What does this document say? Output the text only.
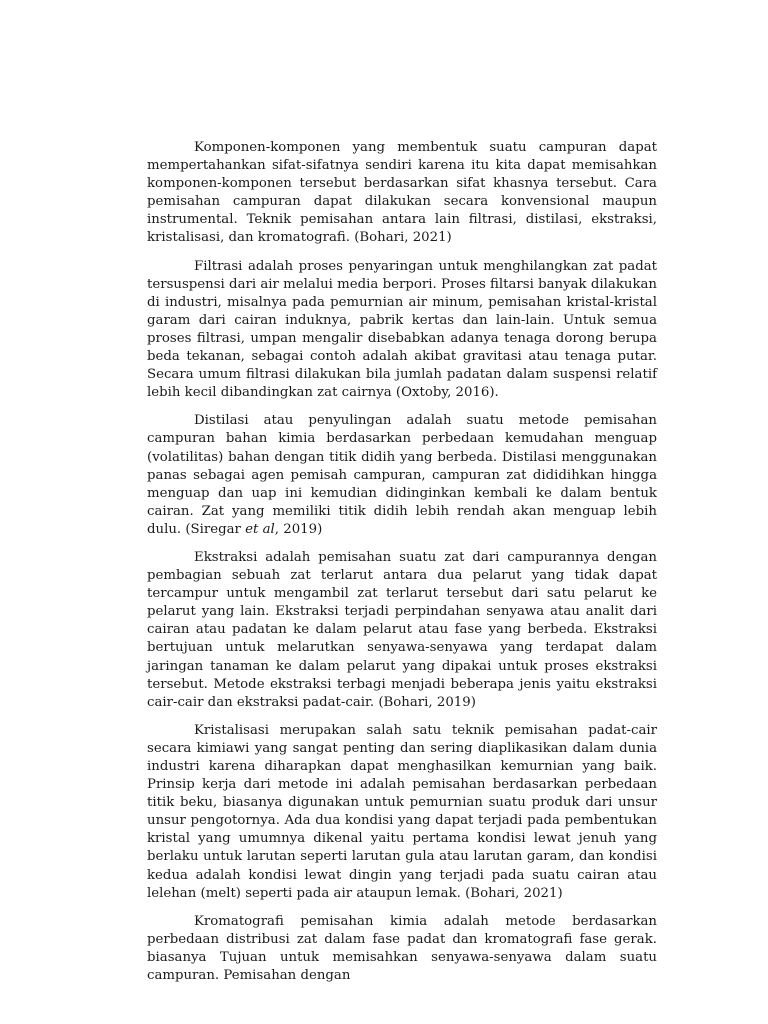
Komponen-komponen yang membentuk suatu campuran dapat mempertahankan sifat-sifatnya sendiri karena itu kita dapat memisahkan komponen-komponen tersebut berdasarkan sifat khasnya tersebut. Cara pemisahan campuran dapat dilakukan secara konvensional maupun instrumental. Teknik pemisahan antara lain filtrasi, distilasi, ekstraksi, kristalisasi, dan kromatografi. (Bohari, 2021)

Filtrasi adalah proses penyaringan untuk menghilangkan zat padat tersuspensi dari air melalui media berpori. Proses filtarsi banyak dilakukan di industri, misalnya pada pemurnian air minum, pemisahan kristal-kristal garam dari cairan induknya, pabrik kertas dan lain-lain. Untuk semua proses filtrasi, umpan mengalir disebabkan adanya tenaga dorong berupa beda tekanan, sebagai contoh adalah akibat gravitasi atau tenaga putar. Secara umum filtrasi dilakukan bila jumlah padatan dalam suspensi relatif lebih kecil dibandingkan zat cairnya (Oxtoby, 2016).

Distilasi atau penyulingan adalah suatu metode pemisahan campuran bahan kimia berdasarkan perbedaan kemudahan menguap (volatilitas) bahan dengan titik didih yang berbeda. Distilasi menggunakan panas sebagai agen pemisah campuran, campuran zat dididihkan hingga menguap dan uap ini kemudian didinginkan kembali ke dalam bentuk cairan. Zat yang memiliki titik didih lebih rendah akan menguap lebih dulu. (Siregar et al, 2019)

Ekstraksi adalah pemisahan suatu zat dari campurannya dengan pembagian sebuah zat terlarut antara dua pelarut yang tidak dapat tercampur untuk mengambil zat terlarut tersebut dari satu pelarut ke pelarut yang lain. Ekstraksi terjadi perpindahan senyawa atau analit dari cairan atau padatan ke dalam pelarut atau fase yang berbeda. Ekstraksi bertujuan untuk melarutkan senyawa-senyawa yang terdapat dalam jaringan tanaman ke dalam pelarut yang dipakai untuk proses ekstraksi tersebut. Metode ekstraksi terbagi menjadi beberapa jenis yaitu ekstraksi cair-cair dan ekstraksi padat-cair. (Bohari, 2019)

Kristalisasi merupakan salah satu teknik pemisahan padat-cair secara kimiawi yang sangat penting dan sering diaplikasikan dalam dunia industri karena diharapkan dapat menghasilkan kemurnian yang baik. Prinsip kerja dari metode ini adalah pemisahan berdasarkan perbedaan titik beku, biasanya digunakan untuk pemurnian suatu produk dari unsur unsur pengotornya. Ada dua kondisi yang dapat terjadi pada pembentukan kristal yang umumnya dikenal yaitu pertama kondisi lewat jenuh yang berlaku untuk larutan seperti larutan gula atau larutan garam, dan kondisi kedua adalah kondisi lewat dingin yang terjadi pada suatu cairan atau lelehan (melt) seperti pada air ataupun lemak. (Bohari, 2021)

Kromatografi pemisahan kimia adalah metode berdasarkan perbedaan distribusi zat dalam fase padat dan kromatografi fase gerak. biasanya Tujuan untuk memisahkan senyawa-senyawa dalam suatu campuran. Pemisahan dengan
